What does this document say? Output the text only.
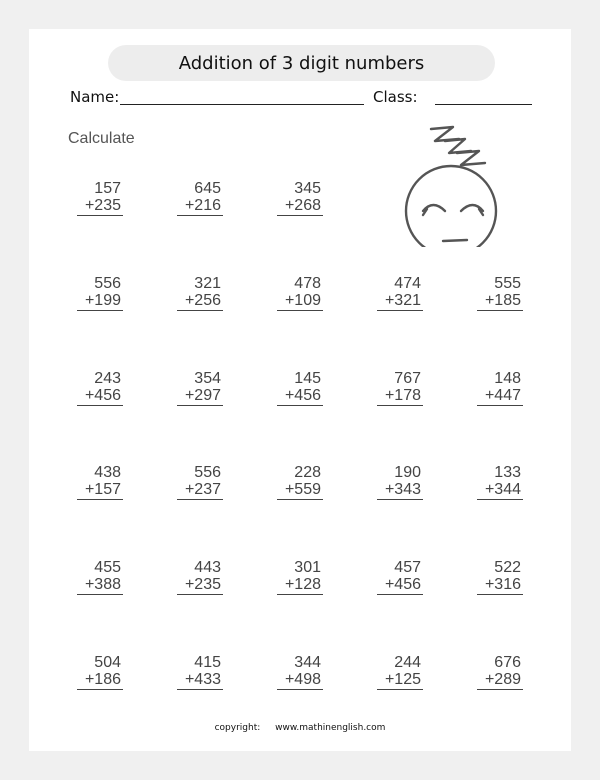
Addition of 3 digit numbers
Name:	Class:
Calculate
157
+235
645
+216
345
+268
556
+199
321
+256
478
+109
474
+321
555
+185
243
+456
354
+297
145
+456
767
+178
148
+447
438
+157
556
+237
228
+559
190
+343
133
+344
455
+388
443
+235
301
+128
457
+456
522
+316
504
+186
415
+433
344
+498
244
+125
676
+289
copyright: www.mathinenglish.com
